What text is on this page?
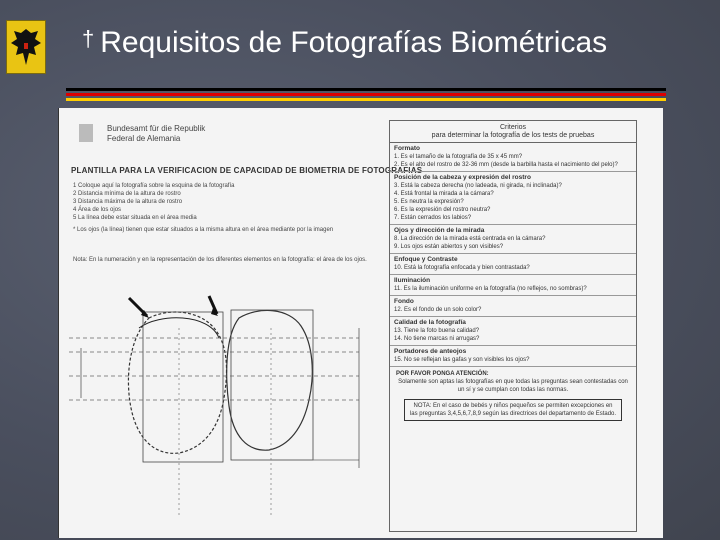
† Requisitos de Fotografías Biométricas
Bundesamt für die Republik
Federal de Alemania
PLANTILLA PARA LA VERIFICACION DE CAPACIDAD DE BIOMETRIA DE FOTOGRAFIAS
1 Coloque aquí la fotografía sobre la esquina de la fotografía
2 Distancia mínima de la altura de rostro
3 Distancia máxima de la altura de rostro
4 Área de los ojos
5 La línea debe estar situada en el área media
* Los ojos (la línea) tienen que estar situados a la misma altura en el área mediante por la imagen
Nota: En la numeración y en la representación de los diferentes elementos en la fotografía: el área de los ojos.
Criterios
para determinar la fotografía de los tests de pruebas
Formato
1. Es el tamaño de la fotografía de 35 x 45 mm?
2. Es el alto del rostro de 32-36 mm (desde la barbilla hasta el nacimiento del pelo)?
Posición de la cabeza y expresión del rostro
3. Está la cabeza derecha (no ladeada, ni girada, ni inclinada)?
4. Está frontal la mirada a la cámara?
5. Es neutra la expresión?
6. Es la expresión del rostro neutra?
7. Están cerrados los labios?
Ojos y dirección de la mirada
8. La dirección de la mirada está centrada en la cámara?
9. Los ojos están abiertos y son visibles?
Enfoque y Contraste
10. Está la fotografía enfocada y bien contrastada?
Iluminación
11. Es la iluminación uniforme en la fotografía (no reflejos, no sombras)?
Fondo
12. Es el fondo de un solo color?
Calidad de la fotografía
13. Tiene la foto buena calidad?
14. No tiene marcas ni arrugas?
Portadores de anteojos
15. No se reflejan las gafas y son visibles los ojos?
POR FAVOR PONGA ATENCIÓN:
Solamente son aptas las fotografías en que todas las preguntas sean contestadas con un sí y se cumplan con todas las normas.
NOTA: En el caso de bebés y niños pequeños se permiten excepciones en las preguntas 3,4,5,6,7,8,9 según las directrices del departamento de Estado.
